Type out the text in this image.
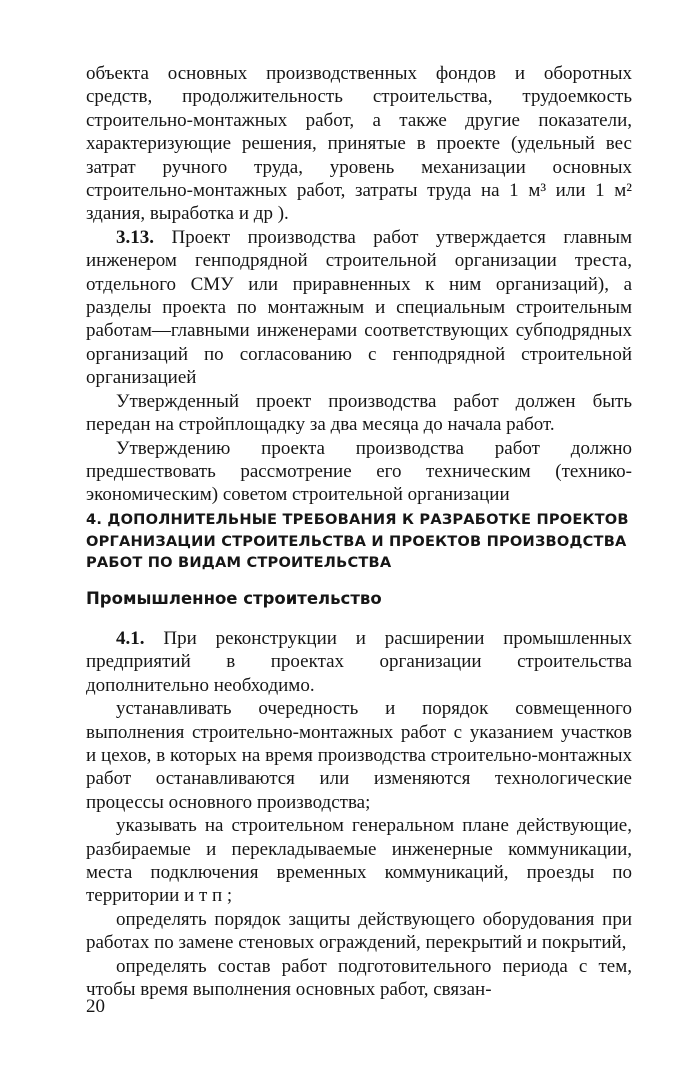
объекта основных производственных фондов и оборотных средств, продолжительность строительства, трудоемкость строительно-монтажных работ, а также другие показатели, характеризующие решения, принятые в проекте (удельный вес затрат ручного труда, уровень механизации основных строительно-монтажных работ, затраты труда на 1 м³ или 1 м² здания, выработка и др ).

3.13. Проект производства работ утверждается главным инженером генподрядной строительной организации треста, отдельного СМУ или приравненных к ним организаций), а разделы проекта по монтажным и специальным строительным работам—главными инженерами соответствующих субподрядных организаций по согласованию с генподрядной строительной организацией

Утвержденный проект производства работ должен быть передан на стройплощадку за два месяца до начала работ.

Утверждению проекта производства работ должно предшествовать рассмотрение его техническим (технико-экономическим) советом строительной организации

4. ДОПОЛНИТЕЛЬНЫЕ ТРЕБОВАНИЯ К РАЗРАБОТКЕ ПРОЕКТОВ ОРГАНИЗАЦИИ СТРОИТЕЛЬСТВА И ПРОЕКТОВ ПРОИЗВОДСТВА РАБОТ ПО ВИДАМ СТРОИТЕЛЬСТВА
Промышленное строительство

4.1. При реконструкции и расширении промышленных предприятий в проектах организации строительства дополнительно необходимо.

устанавливать очередность и порядок совмещенного выполнения строительно-монтажных работ с указанием участков и цехов, в которых на время производства строительно-монтажных работ останавливаются или изменяются технологические процессы основного производства;

указывать на строительном генеральном плане действующие, разбираемые и перекладываемые инженерные коммуникации, места подключения временных коммуникаций, проезды по территории и т п ;

определять порядок защиты действующего оборудования при работах по замене стеновых ограждений, перекрытий и покрытий,

определять состав работ подготовительного периода с тем, чтобы время выполнения основных работ, связан-

20
